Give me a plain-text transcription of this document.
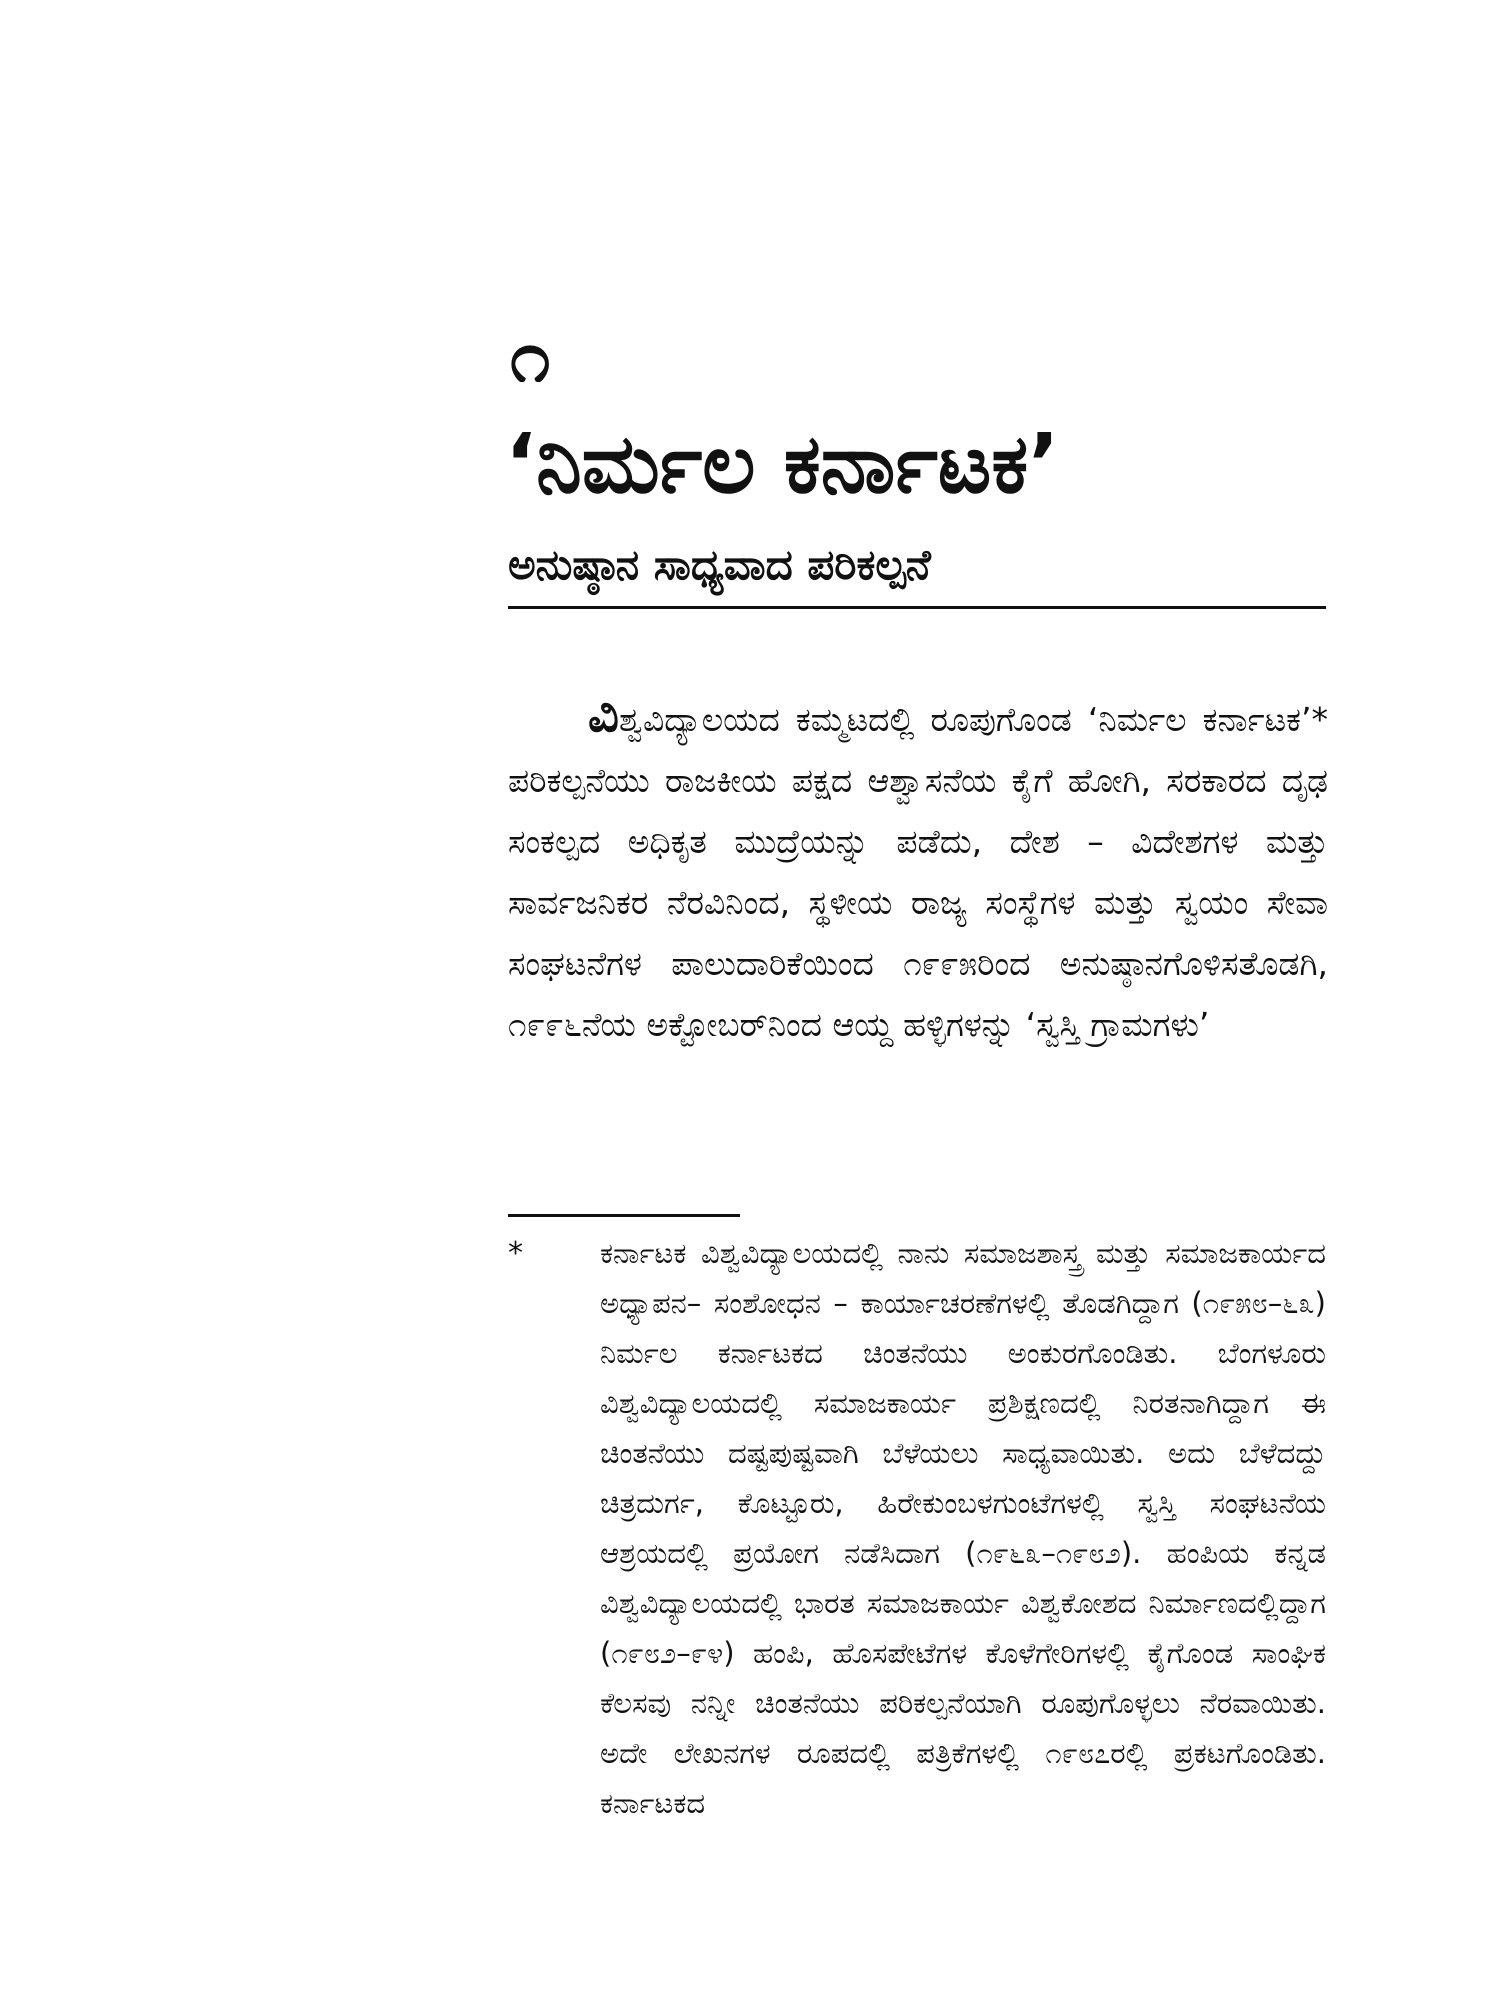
೧
‘ನಿರ್ಮಲ ಕರ್ನಾಟಕ’
ಅನುಷ್ಠಾನ ಸಾಧ್ಯವಾದ ಪರಿಕಲ್ಪನೆ

ವಿಶ್ವವಿದ್ಯಾಲಯದ ಕಮ್ಮಟದಲ್ಲಿ ರೂಪುಗೊಂಡ ‘ನಿರ್ಮಲ ಕರ್ನಾಟಕ’* ಪರಿಕಲ್ಪನೆಯು ರಾಜಕೀಯ ಪಕ್ಷದ ಆಶ್ವಾಸನೆಯ ಕೈಗೆ ಹೋಗಿ, ಸರಕಾರದ ದೃಢ ಸಂಕಲ್ಪದ ಅಧಿಕೃತ ಮುದ್ರೆಯನ್ನು ಪಡೆದು, ದೇಶ – ವಿದೇಶಗಳ ಮತ್ತು ಸಾರ್ವಜನಿಕರ ನೆರವಿನಿಂದ, ಸ್ಥಳೀಯ ರಾಜ್ಯ ಸಂಸ್ಥೆಗಳ ಮತ್ತು ಸ್ವಯಂ ಸೇವಾ ಸಂಘಟನೆಗಳ ಪಾಲುದಾರಿಕೆಯಿಂದ ೧೯೯೫ರಿಂದ ಅನುಷ್ಠಾನಗೊಳಿಸತೊಡಗಿ, ೧೯೯೬ನೆಯ ಅಕ್ಟೋಬರ್‌ನಿಂದ ಆಯ್ದ ಹಳ್ಳಿಗಳನ್ನು ‘ಸ್ವಸ್ತಿ ಗ್ರಾಮಗಳು’

*	ಕರ್ನಾಟಕ ವಿಶ್ವವಿದ್ಯಾಲಯದಲ್ಲಿ ನಾನು ಸಮಾಜಶಾಸ್ತ್ರ ಮತ್ತು ಸಮಾಜಕಾರ್ಯದ ಅಧ್ಯಾಪನ– ಸಂಶೋಧನ – ಕಾರ್ಯಾಚರಣೆಗಳಲ್ಲಿ ತೊಡಗಿದ್ದಾಗ (೧೯೫೮–೬೩) ನಿರ್ಮಲ ಕರ್ನಾಟಕದ ಚಿಂತನೆಯು ಅಂಕುರಗೊಂಡಿತು. ಬೆಂಗಳೂರು ವಿಶ್ವವಿದ್ಯಾಲಯದಲ್ಲಿ ಸಮಾಜಕಾರ್ಯ ಪ್ರಶಿಕ್ಷಣದಲ್ಲಿ ನಿರತನಾಗಿದ್ದಾಗ ಈ ಚಿಂತನೆಯು ದಷ್ಟಪುಷ್ಟವಾಗಿ ಬೆಳೆಯಲು ಸಾಧ್ಯವಾಯಿತು. ಅದು ಬೆಳೆದದ್ದು ಚಿತ್ರದುರ್ಗ, ಕೊಟ್ಟೂರು, ಹಿರೇಕುಂಬಳಗುಂಟೆಗಳಲ್ಲಿ ಸ್ವಸ್ತಿ ಸಂಘಟನೆಯ ಆಶ್ರಯದಲ್ಲಿ ಪ್ರಯೋಗ ನಡೆಸಿದಾಗ (೧೯೬೩–೧೯೮೨). ಹಂಪಿಯ ಕನ್ನಡ ವಿಶ್ವವಿದ್ಯಾಲಯದಲ್ಲಿ ಭಾರತ ಸಮಾಜಕಾರ್ಯ ವಿಶ್ವಕೋಶದ ನಿರ್ಮಾಣದಲ್ಲಿದ್ದಾಗ (೧೯೮೨–೯೪) ಹಂಪಿ, ಹೊಸಪೇಟೆಗಳ ಕೊಳೆಗೇರಿಗಳಲ್ಲಿ ಕೈಗೊಂಡ ಸಾಂಘಿಕ ಕೆಲಸವು ನನ್ನೀ ಚಿಂತನೆಯು ಪರಿಕಲ್ಪನೆಯಾಗಿ ರೂಪುಗೊಳ್ಳಲು ನೆರವಾಯಿತು. ಅದೇ ಲೇಖನಗಳ ರೂಪದಲ್ಲಿ ಪತ್ರಿಕೆಗಳಲ್ಲಿ ೧೯೮೭ರಲ್ಲಿ ಪ್ರಕಟಗೊಂಡಿತು. ಕರ್ನಾಟಕದ
